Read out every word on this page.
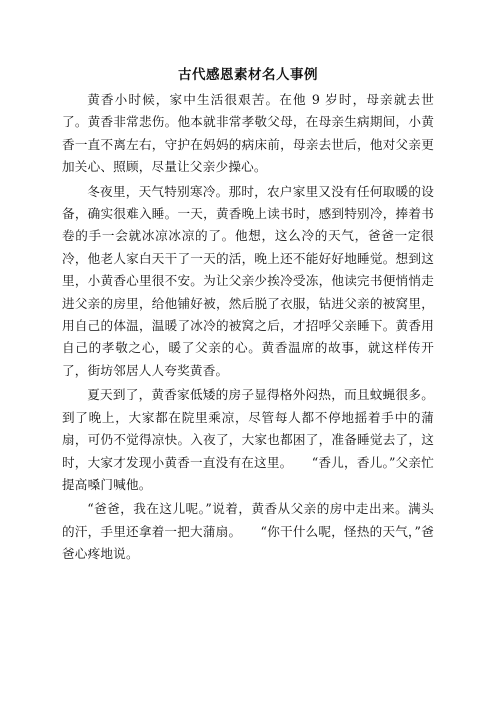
古代感恩素材名人事例

黄香小时候，家中生活很艰苦。在他 9 岁时，母亲就去世了。黄香非常悲伤。他本就非常孝敬父母，在母亲生病期间，小黄香一直不离左右，守护在妈妈的病床前，母亲去世后，他对父亲更加关心、照顾，尽量让父亲少操心。

冬夜里，天气特别寒冷。那时，农户家里又没有任何取暖的设备，确实很难入睡。一天，黄香晚上读书时，感到特别冷，捧着书卷的手一会就冰凉冰凉的了。他想，这么冷的天气，爸爸一定很冷，他老人家白天干了一天的活，晚上还不能好好地睡觉。想到这里，小黄香心里很不安。为让父亲少挨冷受冻，他读完书便悄悄走进父亲的房里，给他铺好被，然后脱了衣服，钻进父亲的被窝里，用自己的体温，温暖了冰冷的被窝之后，才招呼父亲睡下。黄香用自己的孝敬之心，暖了父亲的心。黄香温席的故事，就这样传开了，街坊邻居人人夸奖黄香。

夏天到了，黄香家低矮的房子显得格外闷热，而且蚊蝇很多。到了晚上，大家都在院里乘凉，尽管每人都不停地摇着手中的蒲扇，可仍不觉得凉快。入夜了，大家也都困了，准备睡觉去了，这时，大家才发现小黄香一直没有在这里。　　“香儿，香儿。”父亲忙提高嗓门喊他。

“爸爸，我在这儿呢。”说着，黄香从父亲的房中走出来。满头的汗，手里还拿着一把大蒲扇。　　“你干什么呢，怪热的天气，”爸爸心疼地说。
